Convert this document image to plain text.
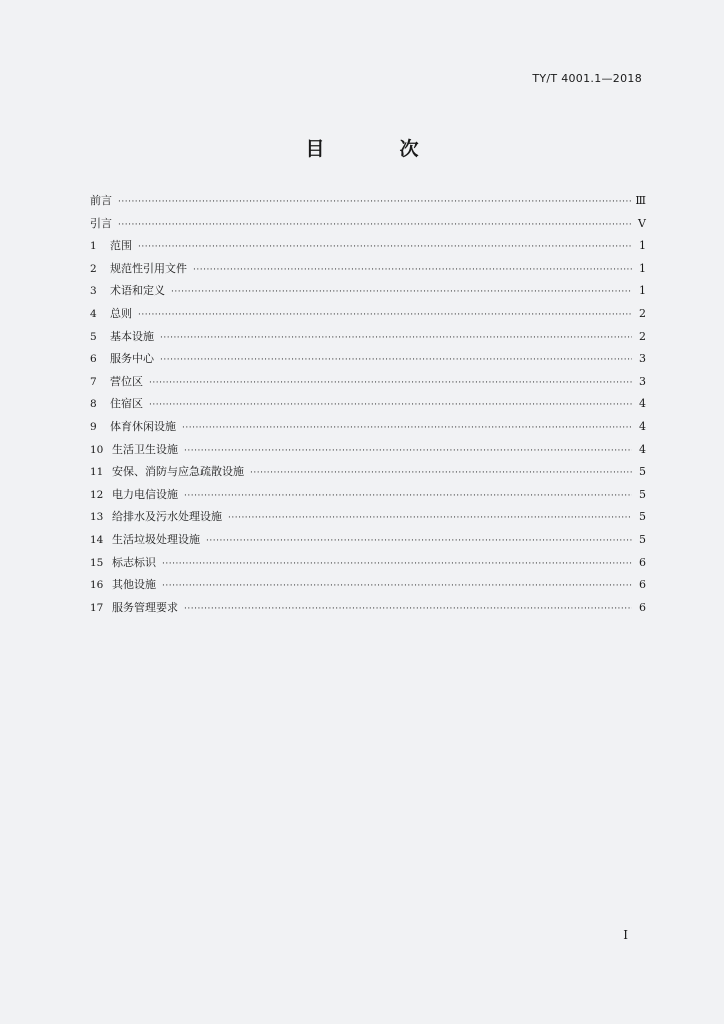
TY/T 4001.1—2018
目　次
前言 ·····	Ⅲ
引言 ·····	Ⅴ
1	范围 ·····	1
2	规范性引用文件 ·····	1
3	术语和定义 ·····	1
4	总则 ·····	2
5	基本设施 ·····	2
6	服务中心 ·····	3
7	营位区 ·····	3
8	住宿区 ·····	4
9	体育休闲设施 ·····	4
10 生活卫生设施 ·····	4
11 安保、消防与应急疏散设施 ·····	5
12 电力电信设施 ·····	5
13 给排水及污水处理设施 ·····	5
14 生活垃圾处理设施 ·····	5
15 标志标识 ·····	6
16 其他设施 ·····	6
17 服务管理要求 ·····	6
I
